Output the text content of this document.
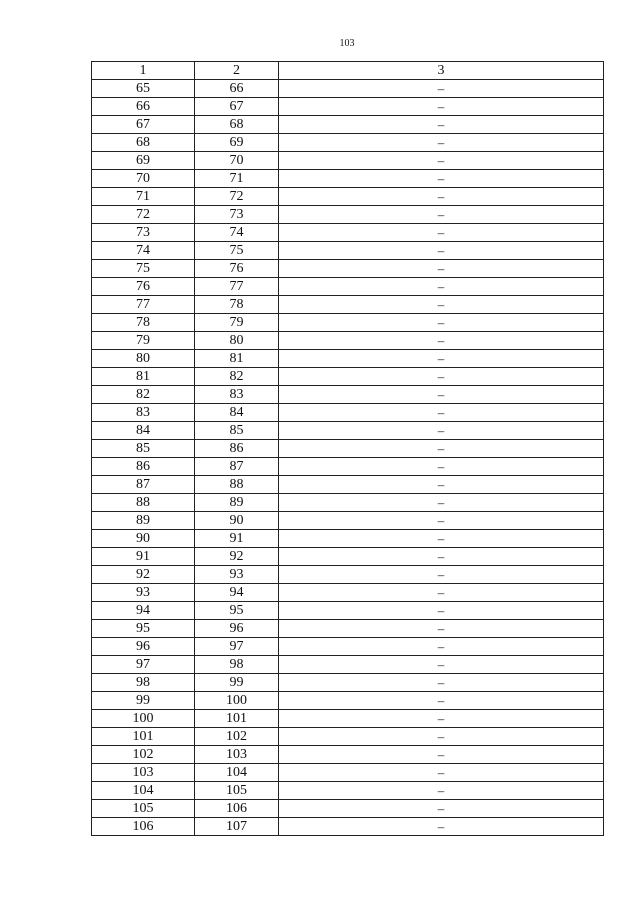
103
1	2	3
65	66	–
66	67	–
67	68	–
68	69	–
69	70	–
70	71	–
71	72	–
72	73	–
73	74	–
74	75	–
75	76	–
76	77	–
77	78	–
78	79	–
79	80	–
80	81	–
81	82	–
82	83	–
83	84	–
84	85	–
85	86	–
86	87	–
87	88	–
88	89	–
89	90	–
90	91	–
91	92	–
92	93	–
93	94	–
94	95	–
95	96	–
96	97	–
97	98	–
98	99	–
99	100	–
100	101	–
101	102	–
102	103	–
103	104	–
104	105	–
105	106	–
106	107	–
